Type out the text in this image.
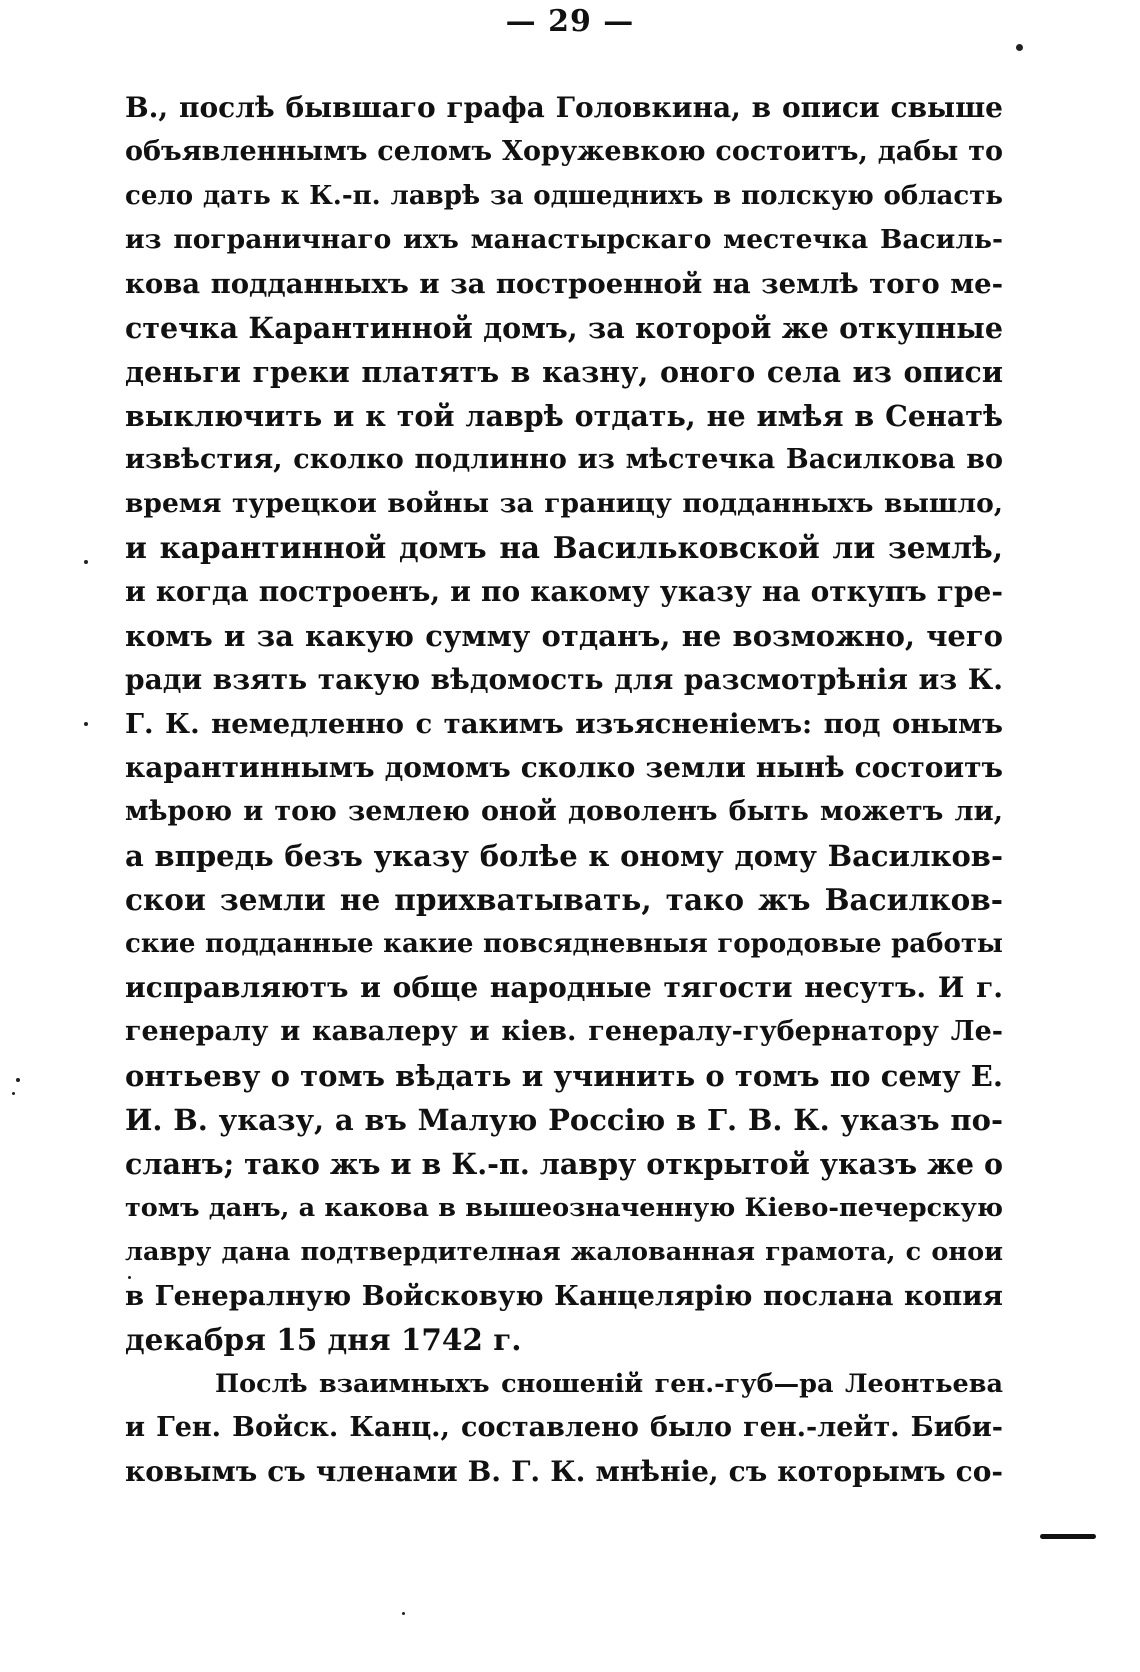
— 29 —
В., послѣ бывшаго графа Головкина, в описи свыше
объявленнымъ селомъ Хоружевкою состоитъ, дабы то
село дать к К.-п. лаврѣ за одшеднихъ в полскую область
из пограничнаго ихъ манастырскаго местечка Василь-
кова подданныхъ и за построенной на землѣ того ме-
стечка Карантинной домъ, за которой же откупные
деньги греки платятъ в казну, оного села из описи
выключить и к той лаврѣ отдать, не имѣя в Сенатѣ
извѣстия, сколко подлинно из мѣстечка Василкова во
время турецкои войны за границу подданныхъ вышло,
и карантинной домъ на Васильковской ли землѣ,
и когда построенъ, и по какому указу на откупъ гре-
комъ и за какую сумму отданъ, не возможно, чего
ради взять такую вѣдомость для разсмотрѣнія из К.
Г. К. немедленно с такимъ изъясненіемъ: под онымъ
карантиннымъ домомъ сколко земли нынѣ состоитъ
мѣрою и тою землею оной доволенъ быть можетъ ли,
а впредь безъ указу болѣе к оному дому Василков-
скои земли не прихватывать, тако жъ Василков-
ские подданные какие повсядневныя городовые работы
исправляютъ и обще народные тягости несутъ. И г.
генералу и кавалеру и кіев. генералу-губернатору Ле-
онтьеву о томъ вѣдать и учинить о томъ по сему Е.
И. В. указу, а въ Малую Россію в Г. В. К. указъ по-
сланъ; тако жъ и в К.-п. лавру открытой указъ же о
томъ данъ, а какова в вышеозначенную Кіево-печерскую
лавру дана подтвердителная жалованная грамота, с онои
в Генералную Войсковую Канцелярію послана копия
декабря 15 дня 1742 г.
Послѣ взаимныхъ сношеній ген.-губ—ра Леонтьева
и Ген. Войск. Канц., составлено было ген.-лейт. Биби-
ковымъ съ членами В. Г. К. мнѣніе, съ которымъ со-
